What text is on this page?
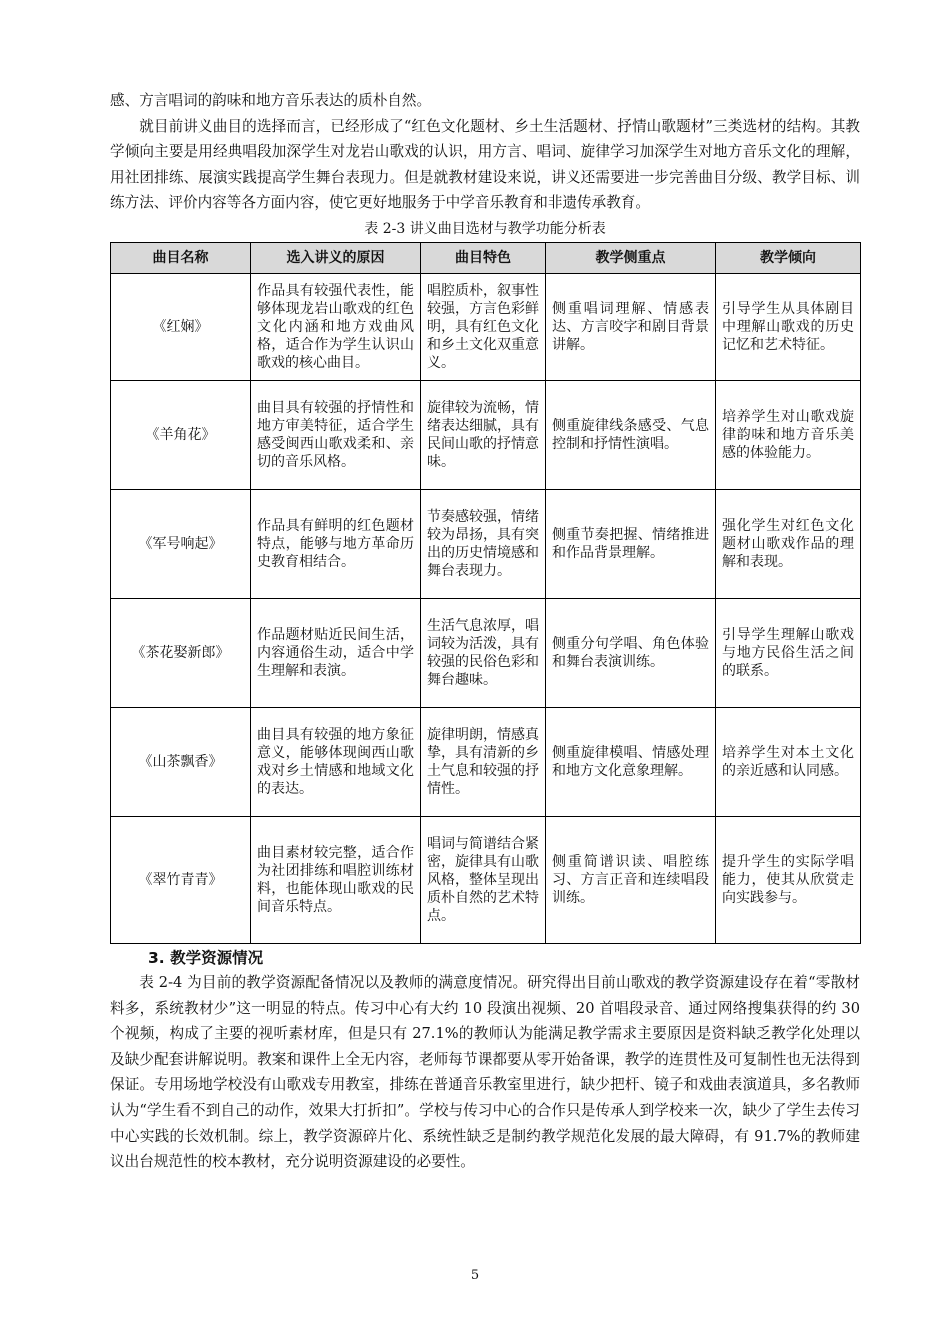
感、方言唱词的韵味和地方音乐表达的质朴自然。

就目前讲义曲目的选择而言，已经形成了“红色文化题材、乡土生活题材、抒情山歌题材”三类选材的结构。其教学倾向主要是用经典唱段加深学生对龙岩山歌戏的认识，用方言、唱词、旋律学习加深学生对地方音乐文化的理解，用社团排练、展演实践提高学生舞台表现力。但是就教材建设来说，讲义还需要进一步完善曲目分级、教学目标、训练方法、评价内容等各方面内容，使它更好地服务于中学音乐教育和非遗传承教育。

表 2-3 讲义曲目选材与教学功能分析表
曲目名称	选入讲义的原因	曲目特色	教学侧重点	教学倾向
《红娴》	作品具有较强代表性，能够体现龙岩山歌戏的红色文化内涵和地方戏曲风格，适合作为学生认识山歌戏的核心曲目。	唱腔质朴，叙事性较强，方言色彩鲜明，具有红色文化和乡土文化双重意义。	侧重唱词理解、情感表达、方言咬字和剧目背景讲解。	引导学生从具体剧目中理解山歌戏的历史记忆和艺术特征。
《羊角花》	曲目具有较强的抒情性和地方审美特征，适合学生感受闽西山歌戏柔和、亲切的音乐风格。	旋律较为流畅，情绪表达细腻，具有民间山歌的抒情意味。	侧重旋律线条感受、气息控制和抒情性演唱。	培养学生对山歌戏旋律韵味和地方音乐美感的体验能力。
《军号响起》	作品具有鲜明的红色题材特点，能够与地方革命历史教育相结合。	节奏感较强，情绪较为昂扬，具有突出的历史情境感和舞台表现力。	侧重节奏把握、情绪推进和作品背景理解。	强化学生对红色文化题材山歌戏作品的理解和表现。
《茶花娶新郎》	作品题材贴近民间生活，内容通俗生动，适合中学生理解和表演。	生活气息浓厚，唱词较为活泼，具有较强的民俗色彩和舞台趣味。	侧重分句学唱、角色体验和舞台表演训练。	引导学生理解山歌戏与地方民俗生活之间的联系。
《山茶飘香》	曲目具有较强的地方象征意义，能够体现闽西山歌戏对乡土情感和地域文化的表达。	旋律明朗，情感真挚，具有清新的乡土气息和较强的抒情性。	侧重旋律模唱、情感处理和地方文化意象理解。	培养学生对本土文化的亲近感和认同感。
《翠竹青青》	曲目素材较完整，适合作为社团排练和唱腔训练材料，也能体现山歌戏的民间音乐特点。	唱词与简谱结合紧密，旋律具有山歌风格，整体呈现出质朴自然的艺术特点。	侧重简谱识读、唱腔练习、方言正音和连续唱段训练。	提升学生的实际学唱能力，使其从欣赏走向实践参与。
3. 教学资源情况

表 2-4 为目前的教学资源配备情况以及教师的满意度情况。研究得出目前山歌戏的教学资源建设存在着“零散材料多，系统教材少”这一明显的特点。传习中心有大约 10 段演出视频、20 首唱段录音、通过网络搜集获得的约 30 个视频，构成了主要的视听素材库，但是只有 27.1%的教师认为能满足教学需求主要原因是资料缺乏教学化处理以及缺少配套讲解说明。教案和课件上全无内容，老师每节课都要从零开始备课，教学的连贯性及可复制性也无法得到保证。专用场地学校没有山歌戏专用教室，排练在普通音乐教室里进行，缺少把杆、镜子和戏曲表演道具，多名教师认为“学生看不到自己的动作，效果大打折扣”。学校与传习中心的合作只是传承人到学校来一次，缺少了学生去传习中心实践的长效机制。综上，教学资源碎片化、系统性缺乏是制约教学规范化发展的最大障碍，有 91.7%的教师建议出台规范性的校本教材，充分说明资源建设的必要性。

5
